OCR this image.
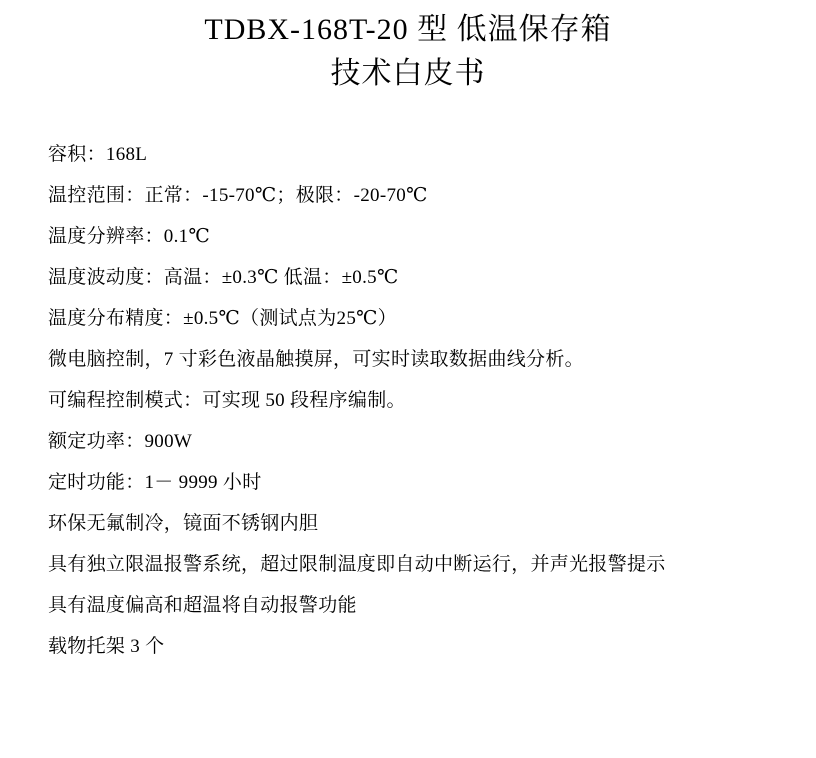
TDBX-168T-20 型 低温保存箱
技术白皮书
容积：168L
温控范围：正常：-15-70℃；极限：-20-70℃
温度分辨率：0.1℃
温度波动度：高温：±0.3℃ 低温：±0.5℃
温度分布精度：±0.5℃（测试点为25℃）
微电脑控制，7 寸彩色液晶触摸屏，可实时读取数据曲线分析。
可编程控制模式：可实现 50 段程序编制。
额定功率：900W
定时功能：1－ 9999 小时
环保无氟制冷，镜面不锈钢内胆
具有独立限温报警系统，超过限制温度即自动中断运行，并声光报警提示
具有温度偏高和超温将自动报警功能
载物托架 3 个
